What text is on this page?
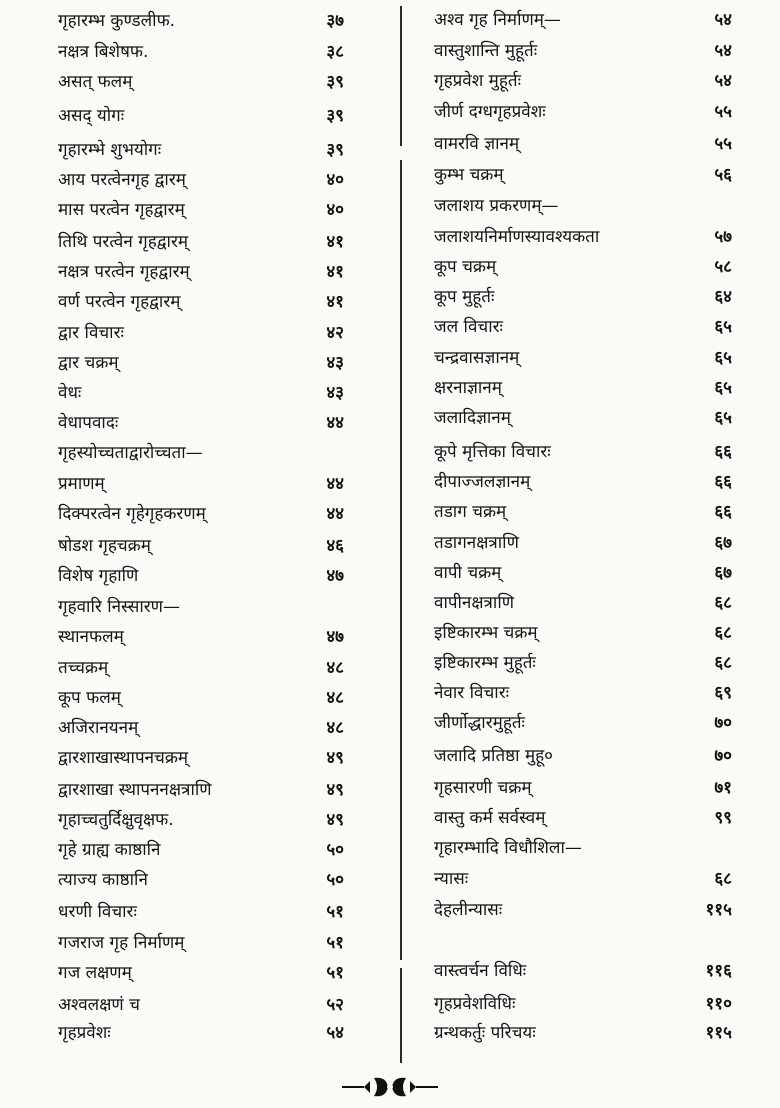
गृहारम्भ कुण्डलीफ.	३७
नक्षत्र बिशेषफ.	३८
असत् फलम्	३९
असद् योगः	३९
गृहारम्भे शुभयोगः	३९
आय परत्वेनगृह द्वारम्	४०
मास परत्वेन गृहद्वारम्	४०
तिथि परत्वेन गृहद्वारम्	४१
नक्षत्र परत्वेन गृहद्वारम्	४१
वर्ण परत्वेन गृहद्वारम्	४१
द्वार विचारः	४२
द्वार चक्रम्	४३
वेधः	४३
वेधापवादः	४४
गृहस्योच्चताद्वारोच्चता—
प्रमाणम्	४४
दिक्परत्वेन गृहेगृहकरणम्	४४
षोडश गृहचक्रम्	४६
विशेष गृहाणि	४७
गृहवारि निस्सारण—
स्थानफलम्	४७
तच्चक्रम्	४८
कूप फलम्	४८
अजिरानयनम्	४८
द्वारशाखास्थापनचक्रम्	४९
द्वारशाखा स्थापननक्षत्राणि	४९
गृहाच्चतुर्दिक्षुवृक्षफ.	४९
गृहे ग्राह्य काष्ठानि	५०
त्याज्य काष्ठानि	५०
धरणी विचारः	५१
गजराज गृह निर्माणम्	५१
गज लक्षणम्	५१
अश्वलक्षणं च	५२
गृहप्रवेशः	५४
अश्व गृह निर्माणम्—	५४
वास्तुशान्ति मुहूर्तः	५४
गृहप्रवेश मुहूर्तः	५४
जीर्ण दग्धगृहप्रवेशः	५५
वामरवि ज्ञानम्	५५
कुम्भ चक्रम्	५६
जलाशय प्रकरणम्—
जलाशयनिर्माणस्यावश्यकता	५७
कूप चक्रम्	५८
कूप मुहूर्तः	६४
जल विचारः	६५
चन्द्रवासज्ञानम्	६५
क्षरनाज्ञानम्	६५
जलादिज्ञानम्	६५
कूपे मृत्तिका विचारः	६६
दीपाज्जलज्ञानम्	६६
तडाग चक्रम्	६६
तडागनक्षत्राणि	६७
वापी चक्रम्	६७
वापीनक्षत्राणि	६८
इष्टिकारम्भ चक्रम्	६८
इष्टिकारम्भ मुहूर्तः	६८
नेवार विचारः	६९
जीर्णोद्धारमुहूर्तः	७०
जलादि प्रतिष्ठा मुहू०	७०
गृहसारणी चक्रम्	७१
वास्तु कर्म सर्वस्वम्	९९
गृहारम्भादि विधौशिला—
न्यासः	६८
देहलीन्यासः	११५
वास्त्वर्चन विधिः	११६
गृहप्रवेशविधिः	११०
ग्रन्थकर्तुः परिचयः	११५
